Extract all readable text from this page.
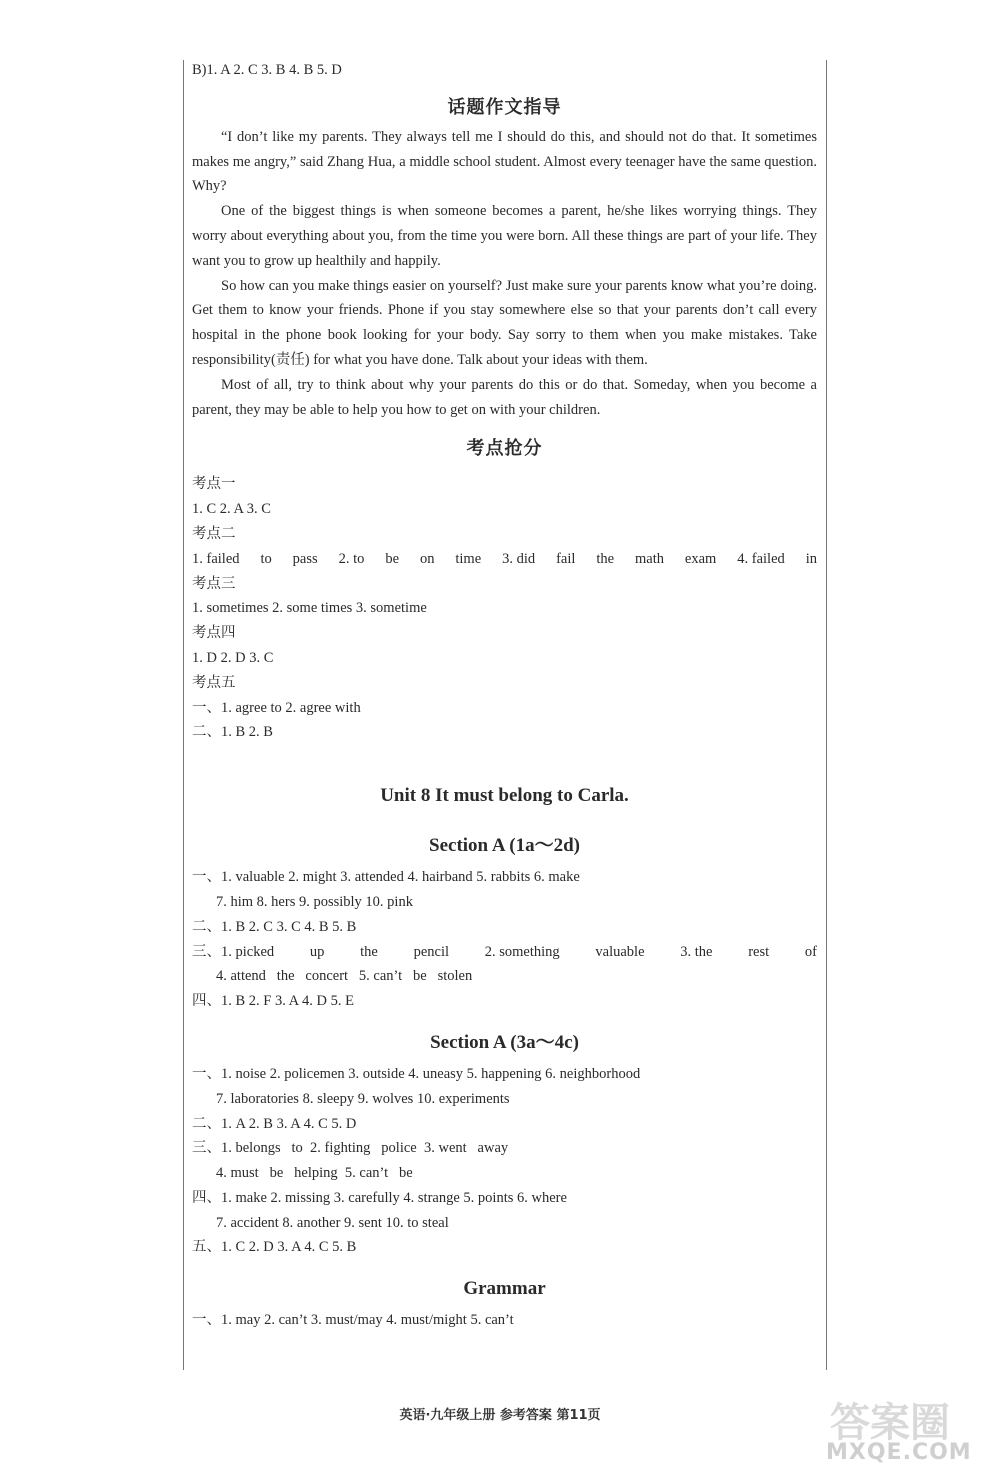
B)1. A 2. C 3. B 4. B 5. D
话题作文指导

“I don’t like my parents. They always tell me I should do this, and should not do that. It sometimes makes me angry,” said Zhang Hua, a middle school student. Almost every teenager have the same question. Why?

One of the biggest things is when someone becomes a parent, he/she likes worrying things. They worry about everything about you, from the time you were born. All these things are part of your life. They want you to grow up healthily and happily.

So how can you make things easier on yourself? Just make sure your parents know what you’re doing. Get them to know your friends. Phone if you stay somewhere else so that your parents don’t call every hospital in the phone book looking for your body. Say sorry to them when you make mistakes. Take responsibility(责任) for what you have done. Talk about your ideas with them.

Most of all, try to think about why your parents do this or do that. Someday, when you become a parent, they may be able to help you how to get on with your children.

考点抢分
考点一
1. C 2. A 3. C
考点二
1. failed to pass 2. to be on time 3. did fail the math exam 4. failed in
考点三
1. sometimes 2. some times 3. sometime
考点四
1. D 2. D 3. C
考点五
一、1. agree to 2. agree with
二、1. B 2. B
Unit 8 It must belong to Carla.
Section A (1a～2d)
一、1. valuable 2. might 3. attended 4. hairband 5. rabbits 6. make
7. him 8. hers 9. possibly 10. pink
二、1. B 2. C 3. C 4. B 5. B
三、1. picked up the pencil 2. something valuable 3. the rest of
4. attend   the   concert   5. can’t   be   stolen
四、1. B 2. F 3. A 4. D 5. E
Section A (3a～4c)
一、1. noise 2. policemen 3. outside 4. uneasy 5. happening 6. neighborhood
7. laboratories 8. sleepy 9. wolves 10. experiments
二、1. A 2. B 3. A 4. C 5. D
三、1. belongs   to  2. fighting   police  3. went   away
4. must   be   helping  5. can’t   be
四、1. make 2. missing 3. carefully 4. strange 5. points 6. where
7. accident 8. another 9. sent 10. to steal
五、1. C 2. D 3. A 4. C 5. B
Grammar
一、1. may 2. can’t 3. must/may 4. must/might 5. can’t
英语·九年级上册 参考答案 第11页	答案圈
MXQE.COM
